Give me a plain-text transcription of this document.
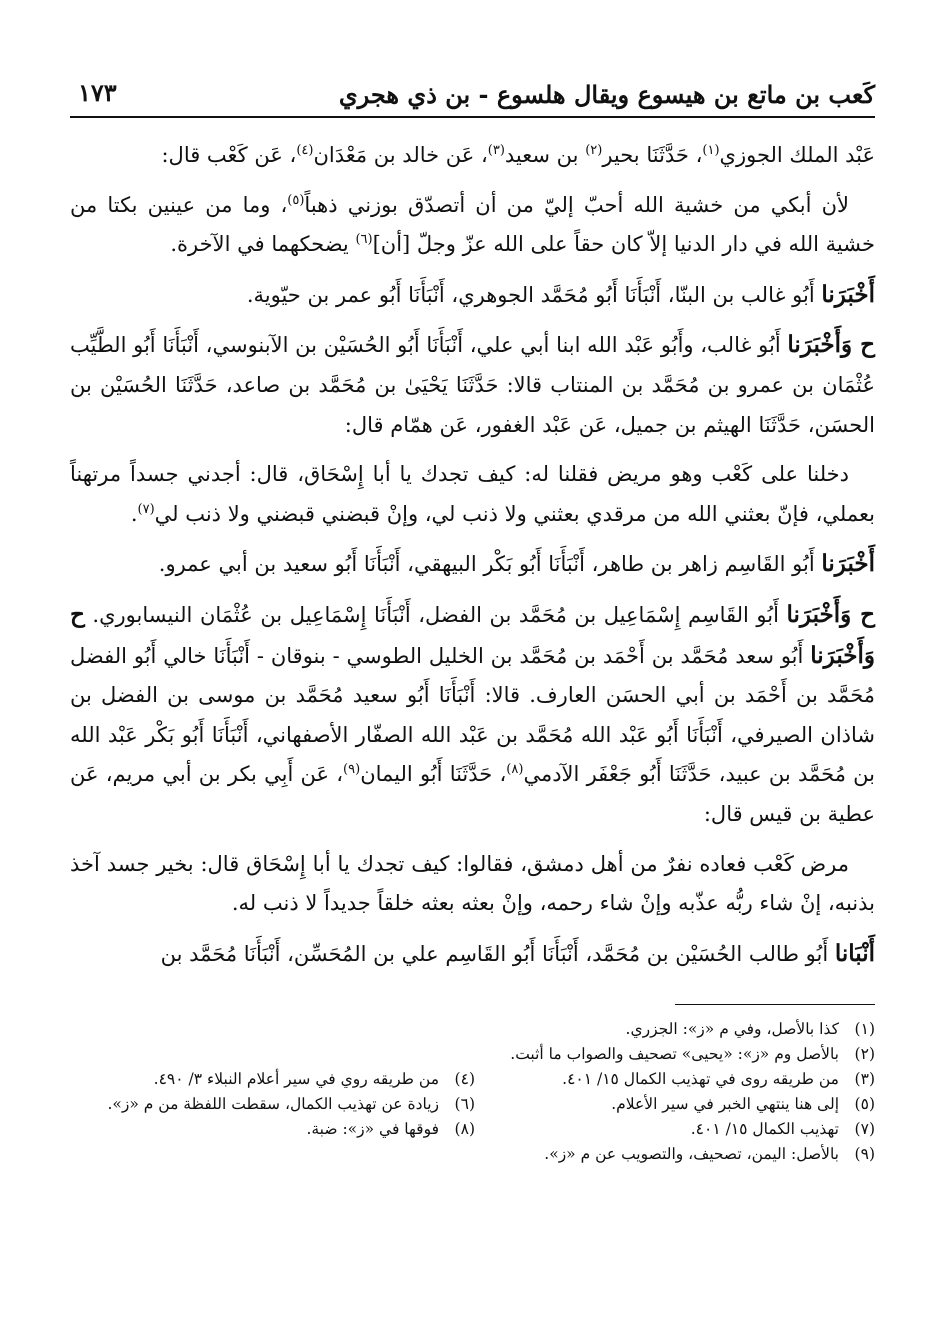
كَعب بن ماتع بن هيسوع ويقال هلسوع - بن ذي هجري
١٧٣

عَبْد الملك الجوزي$^{(١)}$، حَدَّثَنَا بحير$^{(٢)}$ بن سعيد$^{(٣)}$، عَن خالد بن مَعْدَان$^{(٤)}$، عَن كَعْب قال:

لأن أبكي من خشية الله أحبّ إليّ من أن أتصدّق بوزني ذهباً$^{(٥)}$، وما من عينين بكتا من خشية الله في دار الدنيا إلاّ كان حقاً على الله عزّ وجلّ [أن]$^{(٦)}$ يضحكهما في الآخرة.

أَخْبَرَنا أَبُو غالب بن البنّا، أَنْبَأَنَا أَبُو مُحَمَّد الجوهري، أَنْبَأَنَا أَبُو عمر بن حيّوية.

ح وَأَخْبَرَنا أَبُو غالب، وأَبُو عَبْد الله ابنا أبي علي، أَنْبَأَنَا أَبُو الحُسَيْن بن الآبنوسي، أَنْبَأَنَا أَبُو الطَّيِّب عُثْمَان بن عمرو بن مُحَمَّد بن المنتاب قالا: حَدَّثَنَا يَحْيَىٰ بن مُحَمَّد بن صاعد، حَدَّثَنَا الحُسَيْن بن الحسَن، حَدَّثَنَا الهيثم بن جميل، عَن عَبْد الغفور، عَن همّام قال:

دخلنا على كَعْب وهو مريض فقلنا له: كيف تجدك يا أبا إِسْحَاق، قال: أجدني جسداً مرتهناً بعملي، فإنّ بعثني الله من مرقدي بعثني ولا ذنب لي، وإنْ قبضني قبضني ولا ذنب لي$^{(٧)}$.

أَخْبَرَنا أَبُو القَاسِم زاهر بن طاهر، أَنْبَأَنَا أَبُو بَكْر البيهقي، أَنْبَأَنَا أَبُو سعيد بن أبي عمرو.

ح وَأَخْبَرَنا أَبُو القَاسِم إِسْمَاعِيل بن مُحَمَّد بن الفضل، أَنْبَأَنَا إِسْمَاعِيل بن عُثْمَان النيسابوري. ح وَأَخْبَرَنا أَبُو سعد مُحَمَّد بن أَحْمَد بن مُحَمَّد بن الخليل الطوسي - بنوقان - أَنْبَأَنَا خالي أَبُو الفضل مُحَمَّد بن أَحْمَد بن أبي الحسَن العارف. قالا: أَنْبَأَنَا أَبُو سعيد مُحَمَّد بن موسى بن الفضل بن شاذان الصيرفي، أَنْبَأَنَا أَبُو عَبْد الله مُحَمَّد بن عَبْد الله الصفّار الأصفهاني، أَنْبَأَنَا أَبُو بَكْر عَبْد الله بن مُحَمَّد بن عبيد، حَدَّثَنَا أَبُو جَعْفَر الآدمي$^{(٨)}$، حَدَّثَنَا أَبُو اليمان$^{(٩)}$، عَن أَبِي بكر بن أبي مريم، عَن عطية بن قيس قال:

مرض كَعْب فعاده نفرٌ من أهل دمشق، فقالوا: كيف تجدك يا أبا إِسْحَاق قال: بخير جسد آخذ بذنبه، إنْ شاء ربُّه عذّبه وإنْ شاء رحمه، وإنْ بعثه بعثه خلقاً جديداً لا ذنب له.

أَنْبَانا أَبُو طالب الحُسَيْن بن مُحَمَّد، أَنْبَأَنَا أَبُو القَاسِم علي بن المُحَسِّن، أَنْبَأَنَا مُحَمَّد بن

(١)كذا بالأصل، وفي م «ز»: الجزري.
(٢)بالأصل وم «ز»: «يحيى» تصحيف والصواب ما أثبت.
(٣)من طريقه روى في تهذيب الكمال ١٥/ ٤٠١.
(٤)من طريقه روي في سير أعلام النبلاء ٣/ ٤٩٠.
(٥)إلى هنا ينتهي الخبر في سير الأعلام.
(٦)زيادة عن تهذيب الكمال، سقطت اللفظة من م «ز».
(٧)تهذيب الكمال ١٥/ ٤٠١.
(٨)فوقها في «ز»: ضبة.
(٩)بالأصل: اليمن، تصحيف، والتصويب عن م «ز».
